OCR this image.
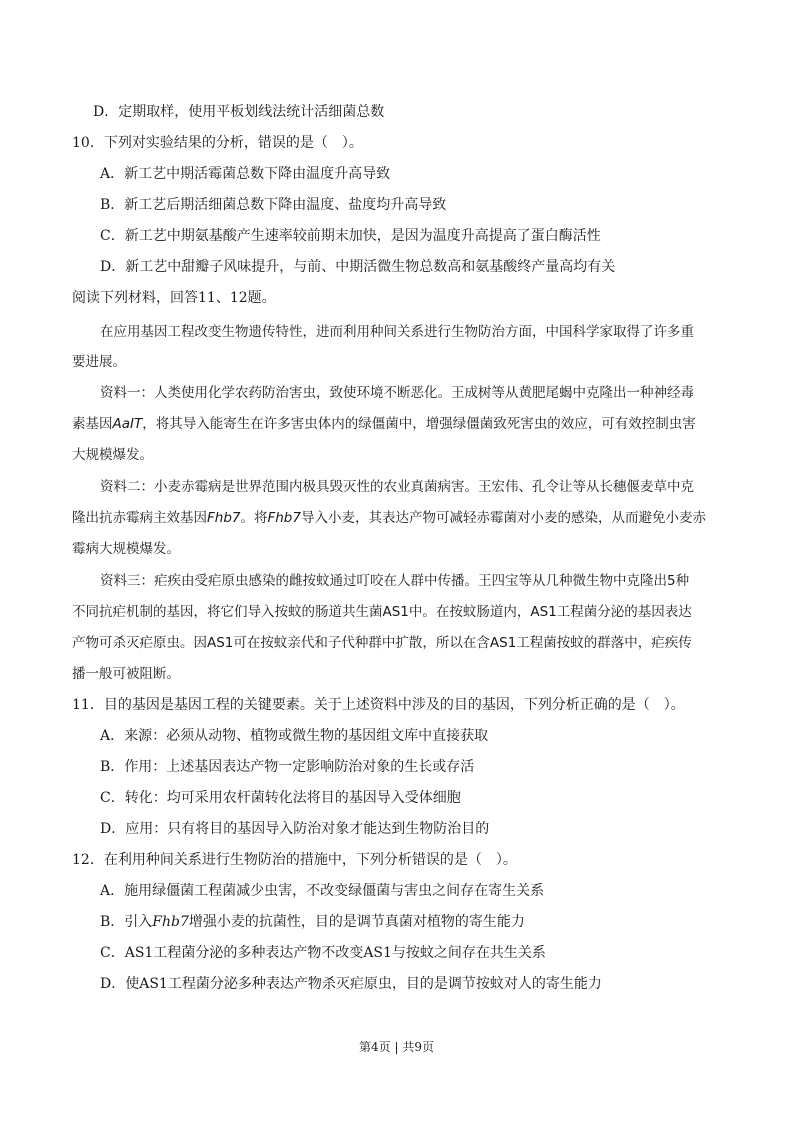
D．定期取样，使用平板划线法统计活细菌总数
10．下列对实验结果的分析，错误的是（　）。
A．新工艺中期活霉菌总数下降由温度升高导致
B．新工艺后期活细菌总数下降由温度、盐度均升高导致
C．新工艺中期氨基酸产生速率较前期末加快，是因为温度升高提高了蛋白酶活性
D．新工艺中甜瓣子风味提升，与前、中期活微生物总数高和氨基酸终产量高均有关
阅读下列材料，回答11、12题。
在应用基因工程改变生物遗传特性，进而利用种间关系进行生物防治方面，中国科学家取得了许多重
要进展。
资料一：人类使用化学农药防治害虫，致使环境不断恶化。王成树等从黄肥尾蝎中克隆出一种神经毒
素基因AaIT，将其导入能寄生在许多害虫体内的绿僵菌中，增强绿僵菌致死害虫的效应，可有效控制虫害
大规模爆发。
资料二：小麦赤霉病是世界范围内极具毁灭性的农业真菌病害。王宏伟、孔令让等从长穗偃麦草中克
隆出抗赤霉病主效基因Fhb7。将Fhb7导入小麦，其表达产物可减轻赤霉菌对小麦的感染，从而避免小麦赤
霉病大规模爆发。
资料三：疟疾由受疟原虫感染的雌按蚊通过叮咬在人群中传播。王四宝等从几种微生物中克隆出5种
不同抗疟机制的基因，将它们导入按蚊的肠道共生菌AS1中。在按蚊肠道内，AS1工程菌分泌的基因表达
产物可杀灭疟原虫。因AS1可在按蚊亲代和子代种群中扩散，所以在含AS1工程菌按蚊的群落中，疟疾传
播一般可被阻断。
11．目的基因是基因工程的关键要素。关于上述资料中涉及的目的基因，下列分析正确的是（　）。
A．来源：必须从动物、植物或微生物的基因组文库中直接获取
B．作用：上述基因表达产物一定影响防治对象的生长或存活
C．转化：均可采用农杆菌转化法将目的基因导入受体细胞
D．应用：只有将目的基因导入防治对象才能达到生物防治目的
12．在利用种间关系进行生物防治的措施中，下列分析错误的是（　）。
A．施用绿僵菌工程菌减少虫害，不改变绿僵菌与害虫之间存在寄生关系
B．引入Fhb7增强小麦的抗菌性，目的是调节真菌对植物的寄生能力
C．AS1工程菌分泌的多种表达产物不改变AS1与按蚊之间存在共生关系
D．使AS1工程菌分泌多种表达产物杀灭疟原虫，目的是调节按蚊对人的寄生能力
第4页 | 共9页
